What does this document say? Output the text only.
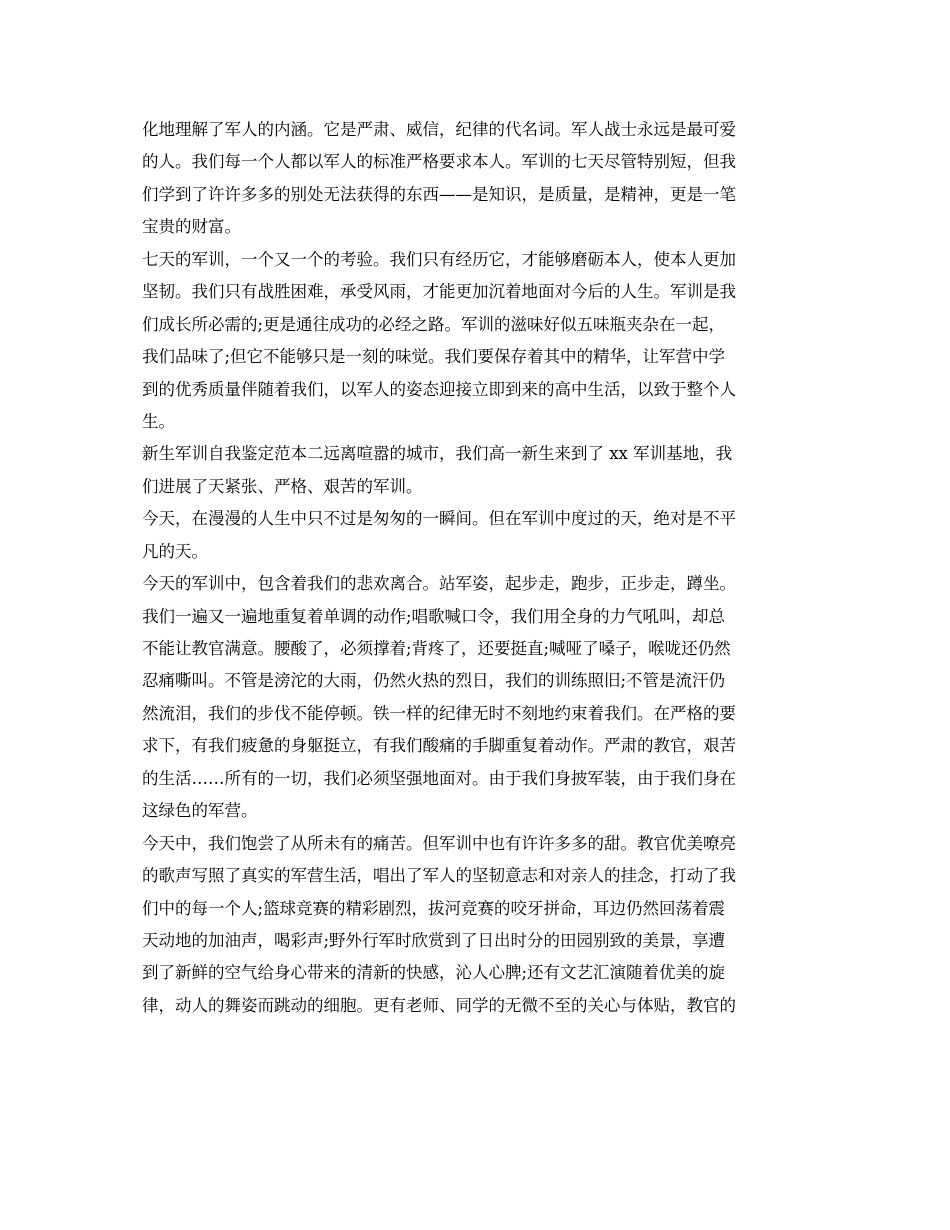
化地理解了军人的内涵。它是严肃、威信，纪律的代名词。军人战士永远是最可爱
的人。我们每一个人都以军人的标准严格要求本人。军训的七天尽管特别短，但我
们学到了许许多多的别处无法获得的东西——是知识，是质量，是精神，更是一笔
宝贵的财富。
七天的军训，一个又一个的考验。我们只有经历它，才能够磨砺本人，使本人更加
坚韧。我们只有战胜困难，承受风雨，才能更加沉着地面对今后的人生。军训是我
们成长所必需的;更是通往成功的必经之路。军训的滋味好似五味瓶夹杂在一起，
我们品味了;但它不能够只是一刻的味觉。我们要保存着其中的精华，让军营中学
到的优秀质量伴随着我们，以军人的姿态迎接立即到来的高中生活，以致于整个人
生。
新生军训自我鉴定范本二远离喧嚣的城市，我们高一新生来到了 xx 军训基地，我
们进展了天紧张、严格、艰苦的军训。
今天，在漫漫的人生中只不过是匆匆的一瞬间。但在军训中度过的天，绝对是不平
凡的天。
今天的军训中，包含着我们的悲欢离合。站军姿，起步走，跑步，正步走，蹲坐。
我们一遍又一遍地重复着单调的动作;唱歌喊口令，我们用全身的力气吼叫，却总
不能让教官满意。腰酸了，必须撑着;背疼了，还要挺直;喊哑了嗓子，喉咙还仍然
忍痛嘶叫。不管是滂沱的大雨，仍然火热的烈日，我们的训练照旧;不管是流汗仍
然流泪，我们的步伐不能停顿。铁一样的纪律无时不刻地约束着我们。在严格的要
求下，有我们疲惫的身躯挺立，有我们酸痛的手脚重复着动作。严肃的教官，艰苦
的生活……所有的一切，我们必须坚强地面对。由于我们身披军装，由于我们身在
这绿色的军营。
今天中，我们饱尝了从所未有的痛苦。但军训中也有许许多多的甜。教官优美嘹亮
的歌声写照了真实的军营生活，唱出了军人的坚韧意志和对亲人的挂念，打动了我
们中的每一个人;篮球竞赛的精彩剧烈，拔河竞赛的咬牙拼命，耳边仍然回荡着震
天动地的加油声，喝彩声;野外行军时欣赏到了日出时分的田园别致的美景，享遭
到了新鲜的空气给身心带来的清新的快感，沁人心脾;还有文艺汇演随着优美的旋
律，动人的舞姿而跳动的细胞。更有老师、同学的无微不至的关心与体贴，教官的
